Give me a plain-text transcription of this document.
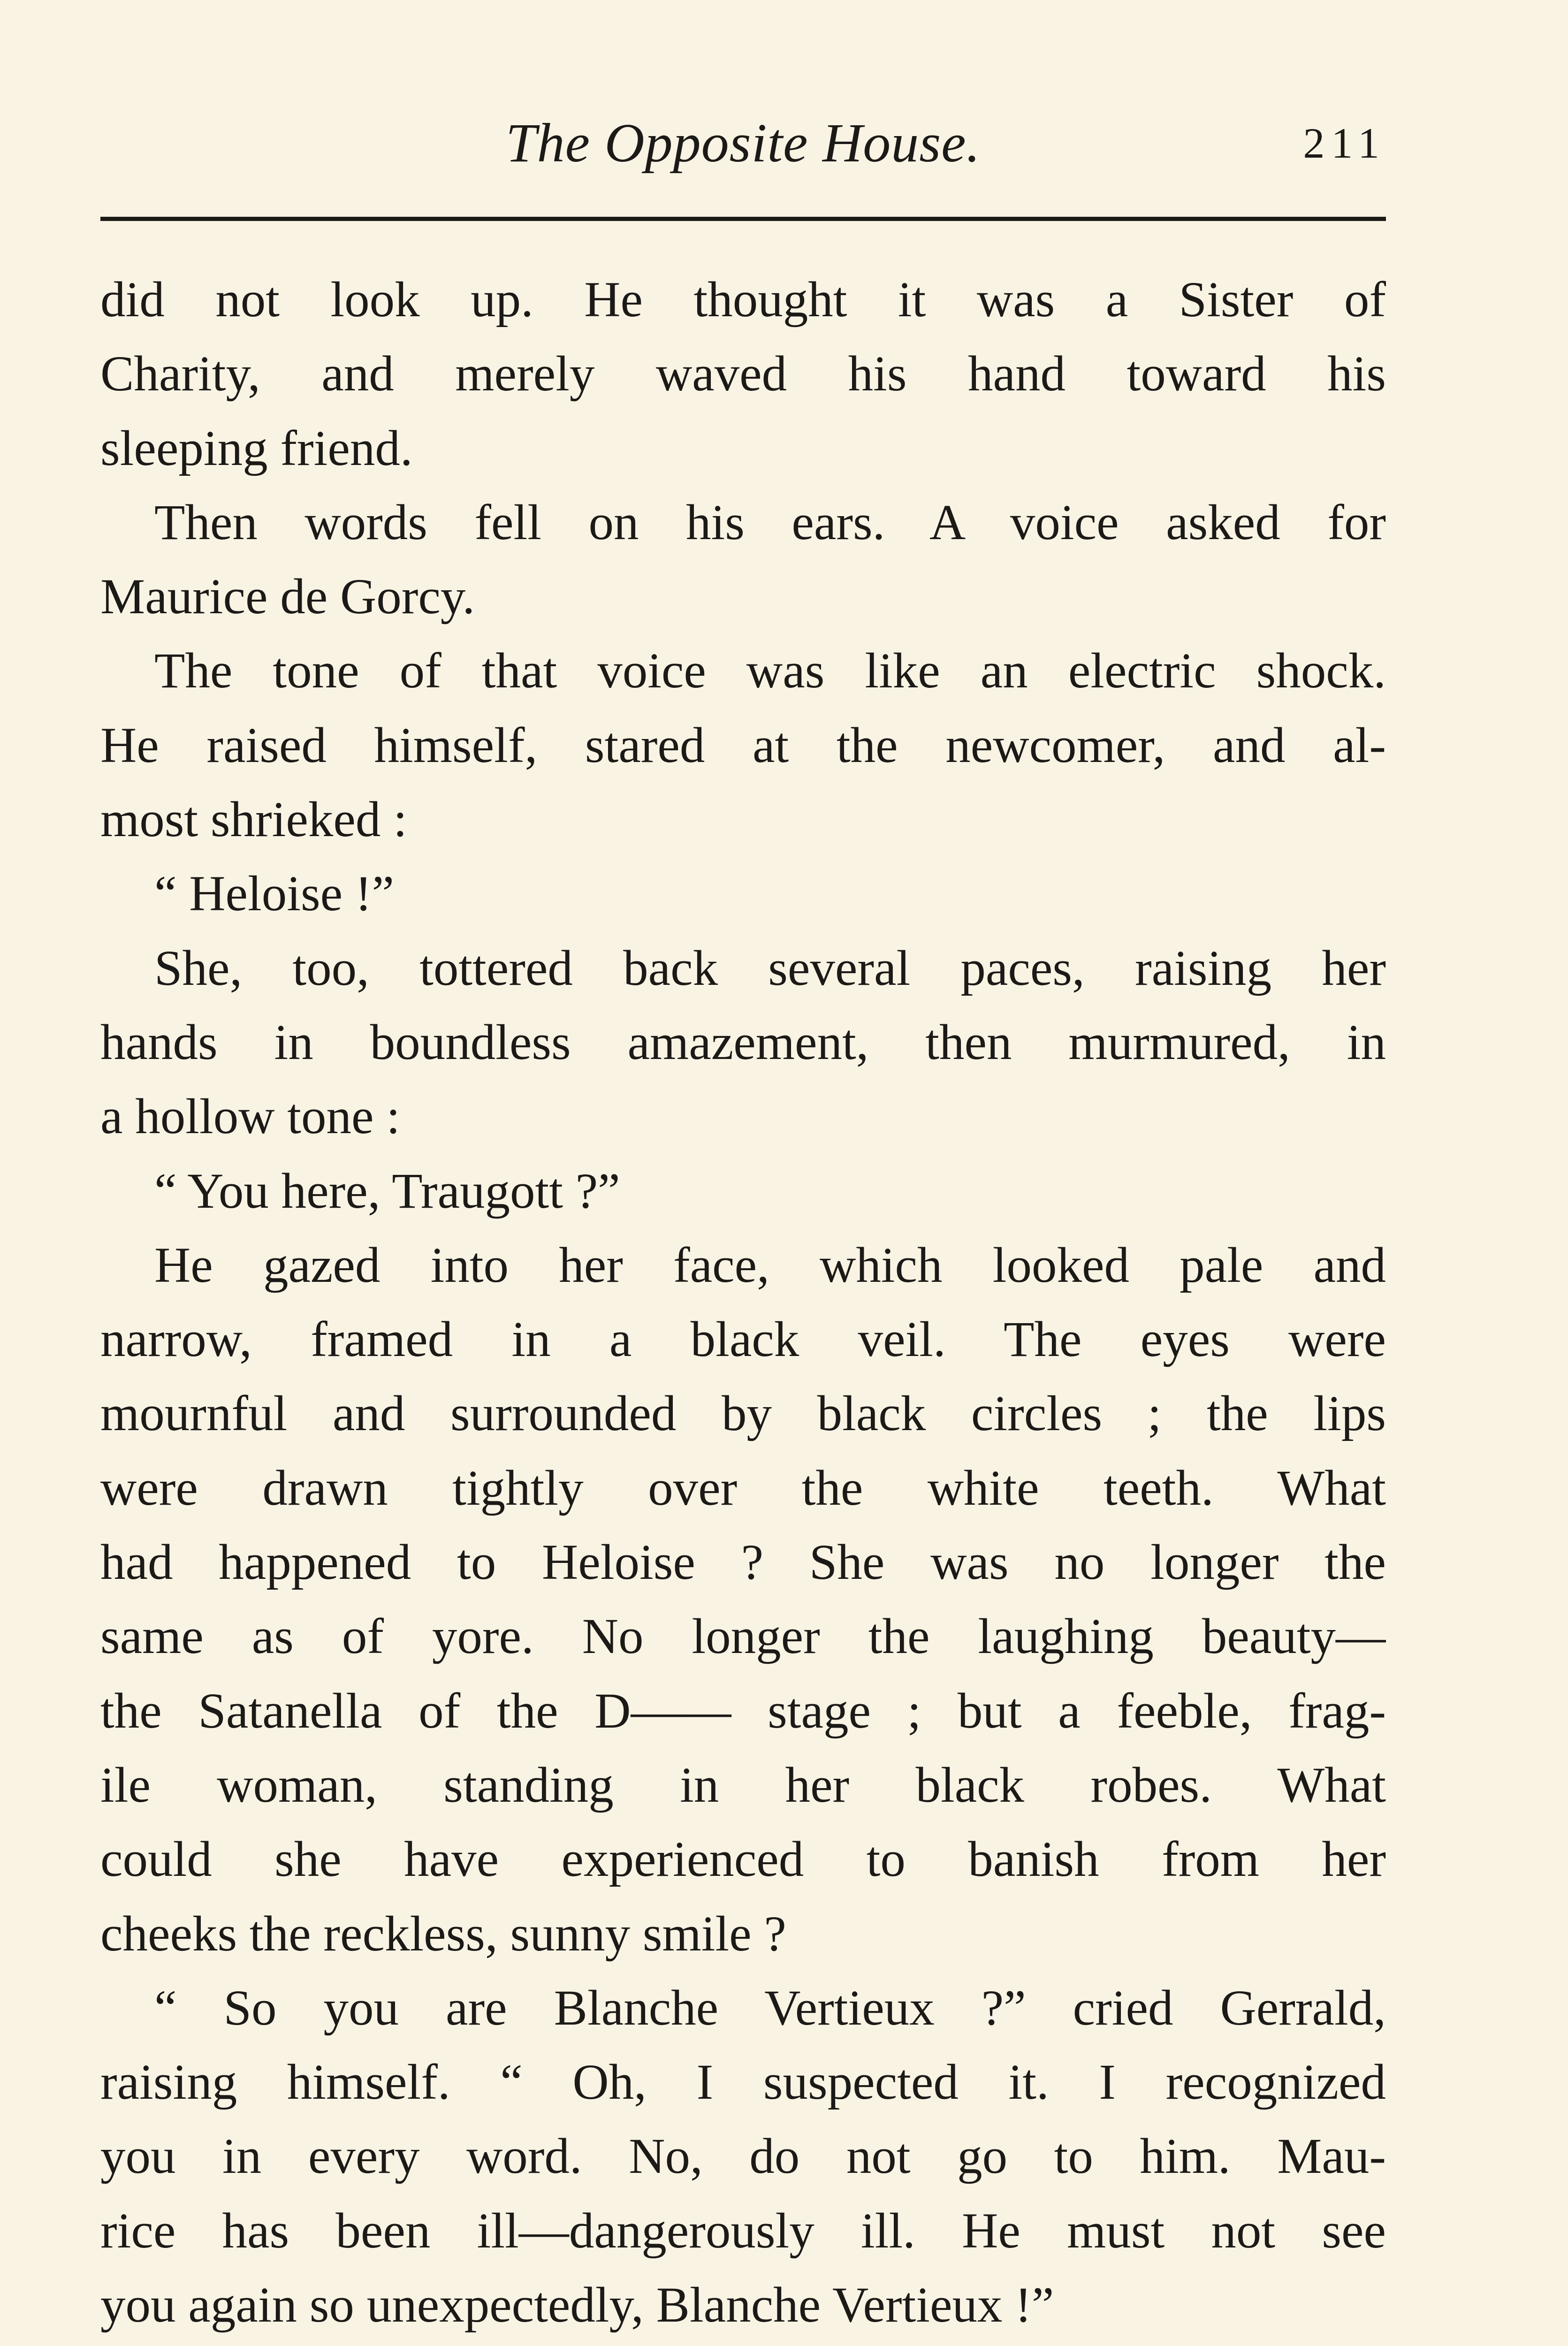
The Opposite House.	211
did not look up. He thought it was a Sister of
Charity, and merely waved his hand toward his
sleeping friend.
Then words fell on his ears. A voice asked for
Maurice de Gorcy.
The tone of that voice was like an electric shock.
He raised himself, stared at the newcomer, and al-
most shrieked :
“ Heloise !”
She, too, tottered back several paces, raising her
hands in boundless amazement, then murmured, in
a hollow tone :
“ You here, Traugott ?”
He gazed into her face, which looked pale and
narrow, framed in a black veil. The eyes were
mournful and surrounded by black circles ; the lips
were drawn tightly over the white teeth. What
had happened to Heloise ? She was no longer the
same as of yore. No longer the laughing beauty—
the Satanella of the D—— stage ; but a feeble, frag-
ile woman, standing in her black robes. What
could she have experienced to banish from her
cheeks the reckless, sunny smile ?
“ So you are Blanche Vertieux ?” cried Gerrald,
raising himself. “ Oh, I suspected it. I recognized
you in every word. No, do not go to him. Mau-
rice has been ill—dangerously ill. He must not see
you again so unexpectedly, Blanche Vertieux !”
